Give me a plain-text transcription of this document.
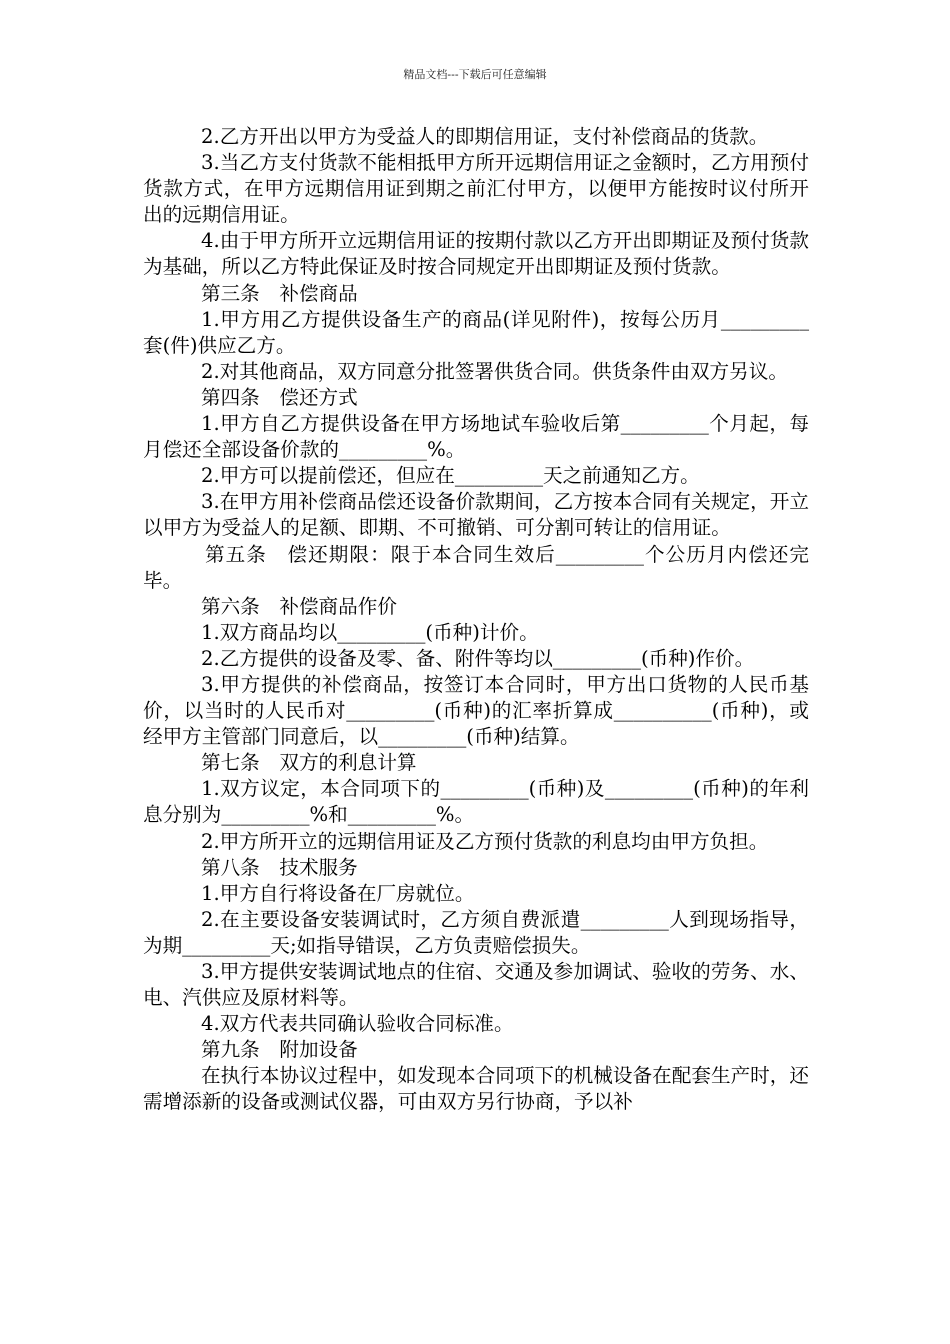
精品文档---下载后可任意编辑

2.乙方开出以甲方为受益人的即期信用证，支付补偿商品的货款。

3.当乙方支付货款不能相抵甲方所开远期信用证之金额时，乙方用预付货款方式，在甲方远期信用证到期之前汇付甲方，以便甲方能按时议付所开出的远期信用证。

4.由于甲方所开立远期信用证的按期付款以乙方开出即期证及预付货款为基础，所以乙方特此保证及时按合同规定开出即期证及预付货款。

第三条　补偿商品

1.甲方用乙方提供设备生产的商品(详见附件)，按每公历月_________套(件)供应乙方。

2.对其他商品，双方同意分批签署供货合同。供货条件由双方另议。

第四条　偿还方式

1.甲方自乙方提供设备在甲方场地试车验收后第_________个月起，每月偿还全部设备价款的_________%。

2.甲方可以提前偿还，但应在_________天之前通知乙方。

3.在甲方用补偿商品偿还设备价款期间，乙方按本合同有关规定，开立以甲方为受益人的足额、即期、不可撤销、可分割可转让的信用证。

第五条　偿还期限：限于本合同生效后_________个公历月内偿还完毕。

第六条　补偿商品作价

1.双方商品均以_________(币种)计价。

2.乙方提供的设备及零、备、附件等均以_________(币种)作价。

3.甲方提供的补偿商品，按签订本合同时，甲方出口货物的人民币基价，以当时的人民币对_________(币种)的汇率折算成__________(币种)，或经甲方主管部门同意后，以_________(币种)结算。

第七条　双方的利息计算

1.双方议定，本合同项下的_________(币种)及_________(币种)的年利息分别为_________%和_________%。

2.甲方所开立的远期信用证及乙方预付货款的利息均由甲方负担。

第八条　技术服务

1.甲方自行将设备在厂房就位。

2.在主要设备安装调试时，乙方须自费派遣_________人到现场指导，为期_________天;如指导错误，乙方负责赔偿损失。

3.甲方提供安装调试地点的住宿、交通及参加调试、验收的劳务、水、电、汽供应及原材料等。

4.双方代表共同确认验收合同标准。

第九条　附加设备

在执行本协议过程中，如发现本合同项下的机械设备在配套生产时，还需增添新的设备或测试仪器，可由双方另行协商，予以补
